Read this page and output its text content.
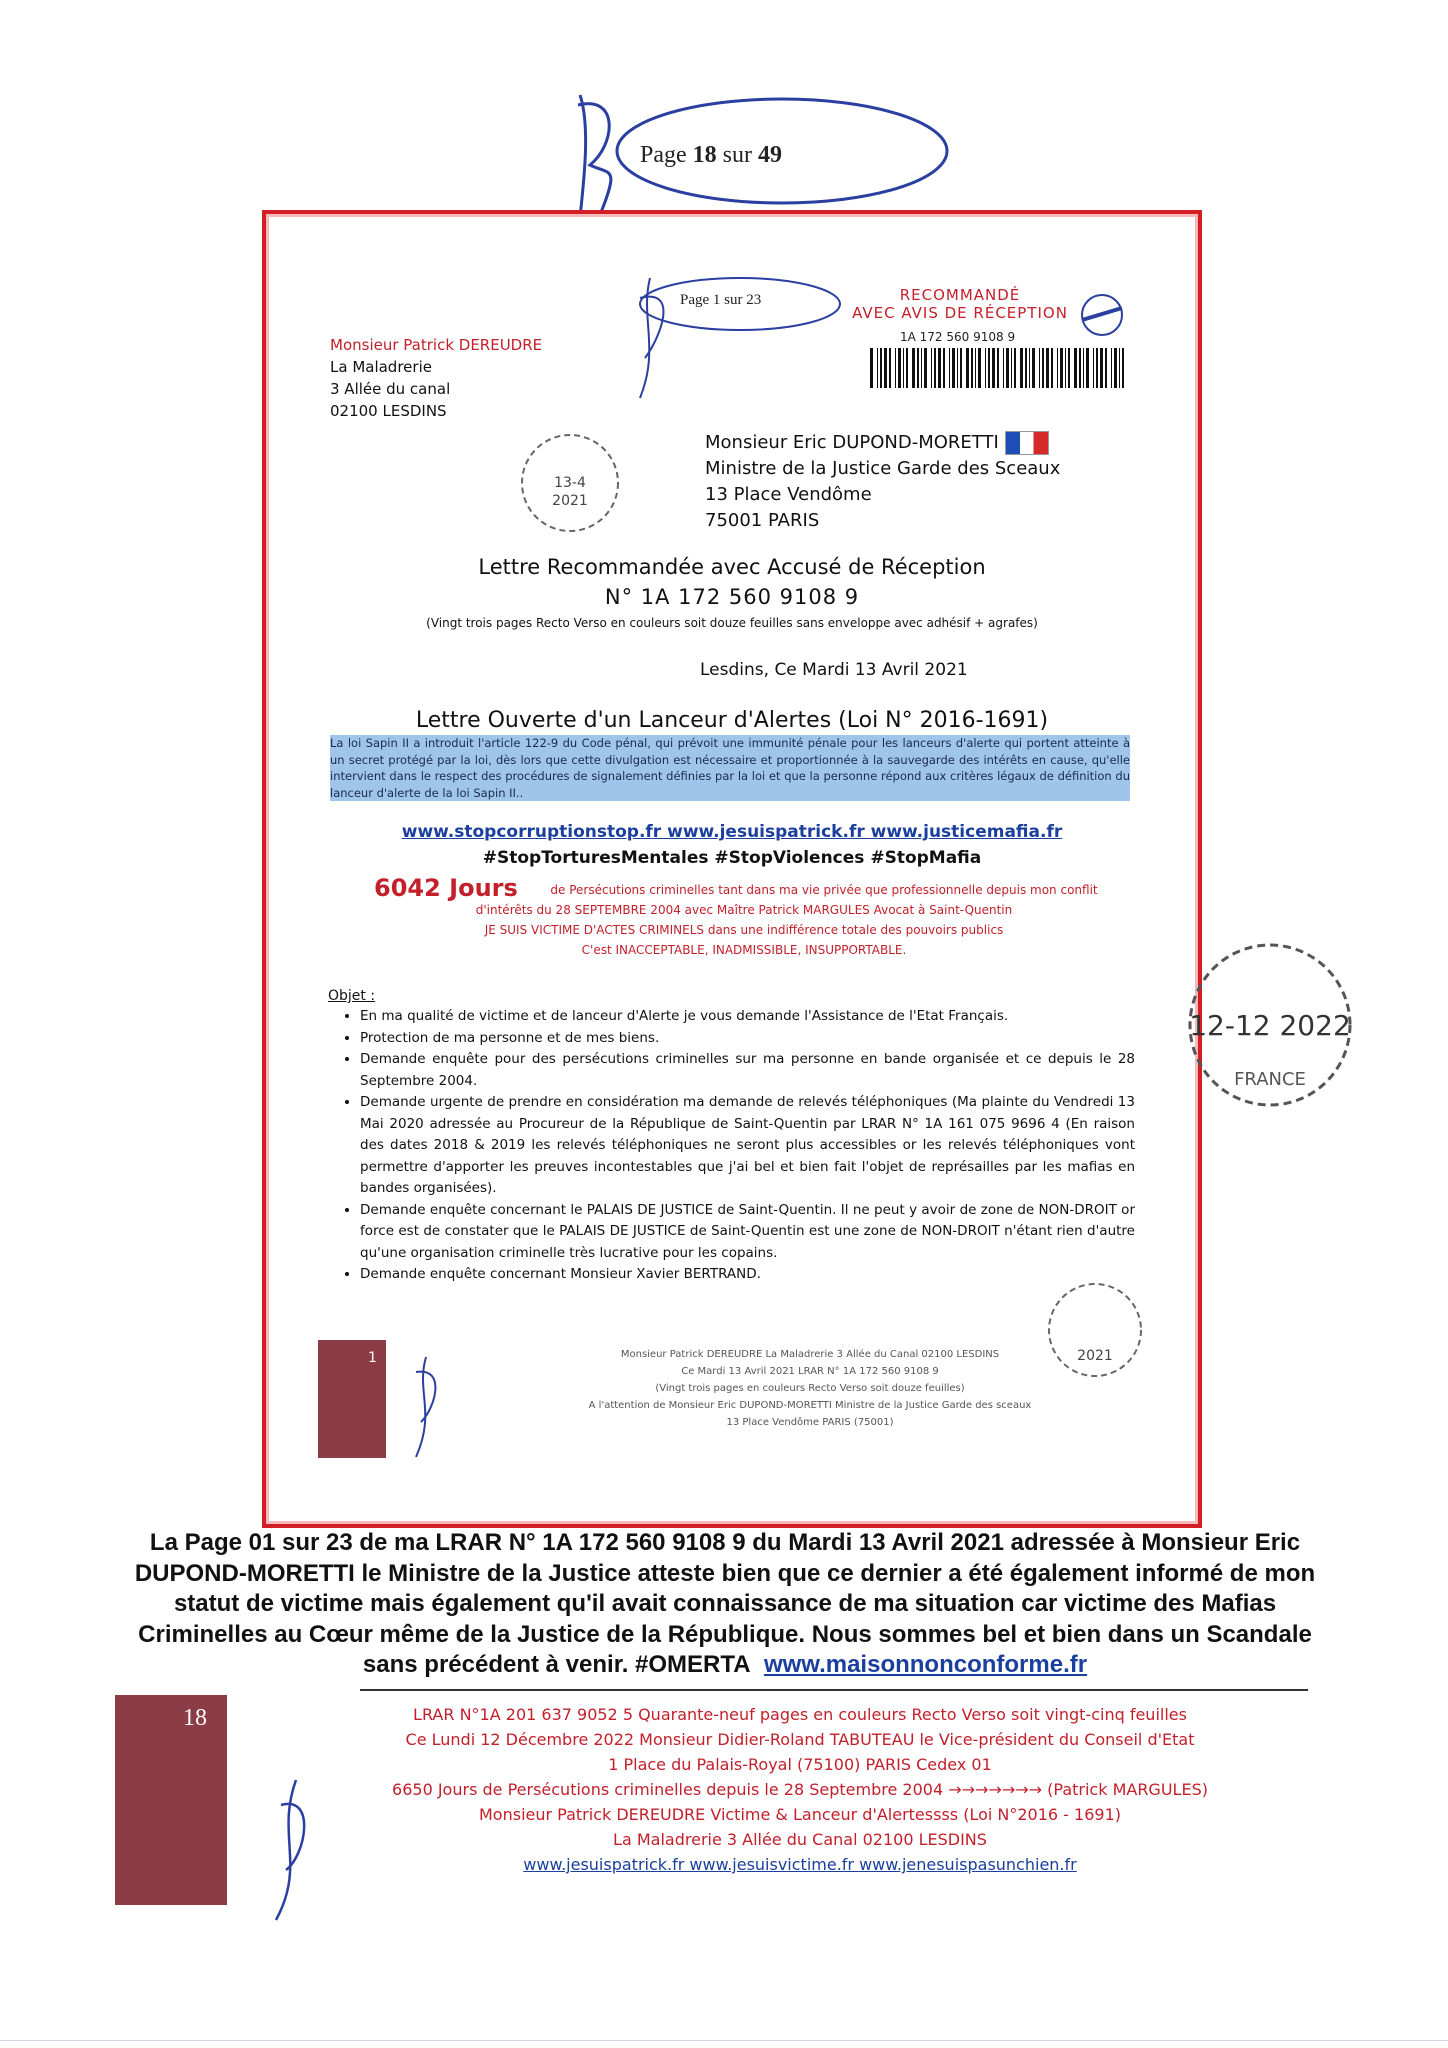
Page 18 sur 49
Page 1 sur 23	RECOMMANDÉ
AVEC AVIS DE RÉCEPTION
1A 172 560 9108 9
Monsieur Patrick DEREUDRE
La Maladrerie
3 Allée du canal
02100 LESDINS
13-4
2021
Monsieur Eric DUPOND-MORETTI
Ministre de la Justice Garde des Sceaux
13 Place Vendôme
75001 PARIS
Lettre Recommandée avec Accusé de Réception
N° 1A 172 560 9108 9
(Vingt trois pages Recto Verso en couleurs soit douze feuilles sans enveloppe avec adhésif + agrafes)
Lesdins, Ce Mardi 13 Avril 2021
Lettre Ouverte d'un Lanceur d'Alertes (Loi N° 2016-1691)
La loi Sapin II a introduit l'article 122-9 du Code pénal, qui prévoit une immunité pénale pour les lanceurs d'alerte qui portent atteinte à un secret protégé par la loi, dès lors que cette divulgation est nécessaire et proportionnée à la sauvegarde des intérêts en cause, qu'elle intervient dans le respect des procédures de signalement définies par la loi et que la personne répond aux critères légaux de définition du lanceur d'alerte de la loi Sapin II..
www.stopcorruptionstop.fr www.jesuispatrick.fr www.justicemafia.fr
#StopTorturesMentales #StopViolences #StopMafia
6042 Jours	de Persécutions criminelles tant dans ma vie privée que professionnelle depuis mon conflit
d'intérêts du 28 SEPTEMBRE 2004 avec Maître Patrick MARGULES Avocat à Saint-Quentin
JE SUIS VICTIME D'ACTES CRIMINELS dans une indifférence totale des pouvoirs publics
C'est INACCEPTABLE, INADMISSIBLE, INSUPPORTABLE.
Objet :
• En ma qualité de victime et de lanceur d'Alerte je vous demande l'Assistance de l'Etat Français.
• Protection de ma personne et de mes biens.
• Demande enquête pour des persécutions criminelles sur ma personne en bande organisée et ce depuis le 28 Septembre 2004.
• Demande urgente de prendre en considération ma demande de relevés téléphoniques (Ma plainte du Vendredi 13 Mai 2020 adressée au Procureur de la République de Saint-Quentin par LRAR N° 1A 161 075 9696 4 (En raison des dates 2018 & 2019 les relevés téléphoniques ne seront plus accessibles or les relevés téléphoniques vont permettre d'apporter les preuves incontestables que j'ai bel et bien fait l'objet de représailles par les mafias en bandes organisées).
• Demande enquête concernant le PALAIS DE JUSTICE de Saint-Quentin. Il ne peut y avoir de zone de NON-DROIT or force est de constater que le PALAIS DE JUSTICE de Saint-Quentin est une zone de NON-DROIT n'étant rien d'autre qu'une organisation criminelle très lucrative pour les copains.
• Demande enquête concernant Monsieur Xavier BERTRAND.
2021
1	Monsieur Patrick DEREUDRE La Maladrerie 3 Allée du Canal 02100 LESDINS
Ce Mardi 13 Avril 2021 LRAR N° 1A 172 560 9108 9
(Vingt trois pages en couleurs Recto Verso soit douze feuilles)
A l'attention de Monsieur Eric DUPOND-MORETTI Ministre de la Justice Garde des sceaux
13 Place Vendôme PARIS (75001)
12-12 2022
FRANCE
La Page 01 sur 23 de ma LRAR N° 1A 172 560 9108 9 du Mardi 13 Avril 2021 adressée à Monsieur Eric DUPOND-MORETTI le Ministre de la Justice atteste bien que ce dernier a été également informé de mon statut de victime mais également qu'il avait connaissance de ma situation car victime des Mafias Criminelles au Cœur même de la Justice de la République. Nous sommes bel et bien dans un Scandale sans précédent à venir. #OMERTA www.maisonnonconforme.fr
18	LRAR N°1A 201 637 9052 5 Quarante-neuf pages en couleurs Recto Verso soit vingt-cinq feuilles
Ce Lundi 12 Décembre 2022 Monsieur Didier-Roland TABUTEAU le Vice-président du Conseil d'Etat
1 Place du Palais-Royal (75100) PARIS Cedex 01
6650 Jours de Persécutions criminelles depuis le 28 Septembre 2004 →→→→→→→ (Patrick MARGULES)
Monsieur Patrick DEREUDRE Victime & Lanceur d'Alertessss (Loi N°2016 - 1691)
La Maladrerie 3 Allée du Canal 02100 LESDINS
www.jesuispatrick.fr www.jesuisvictime.fr www.jenesuispasunchien.fr
